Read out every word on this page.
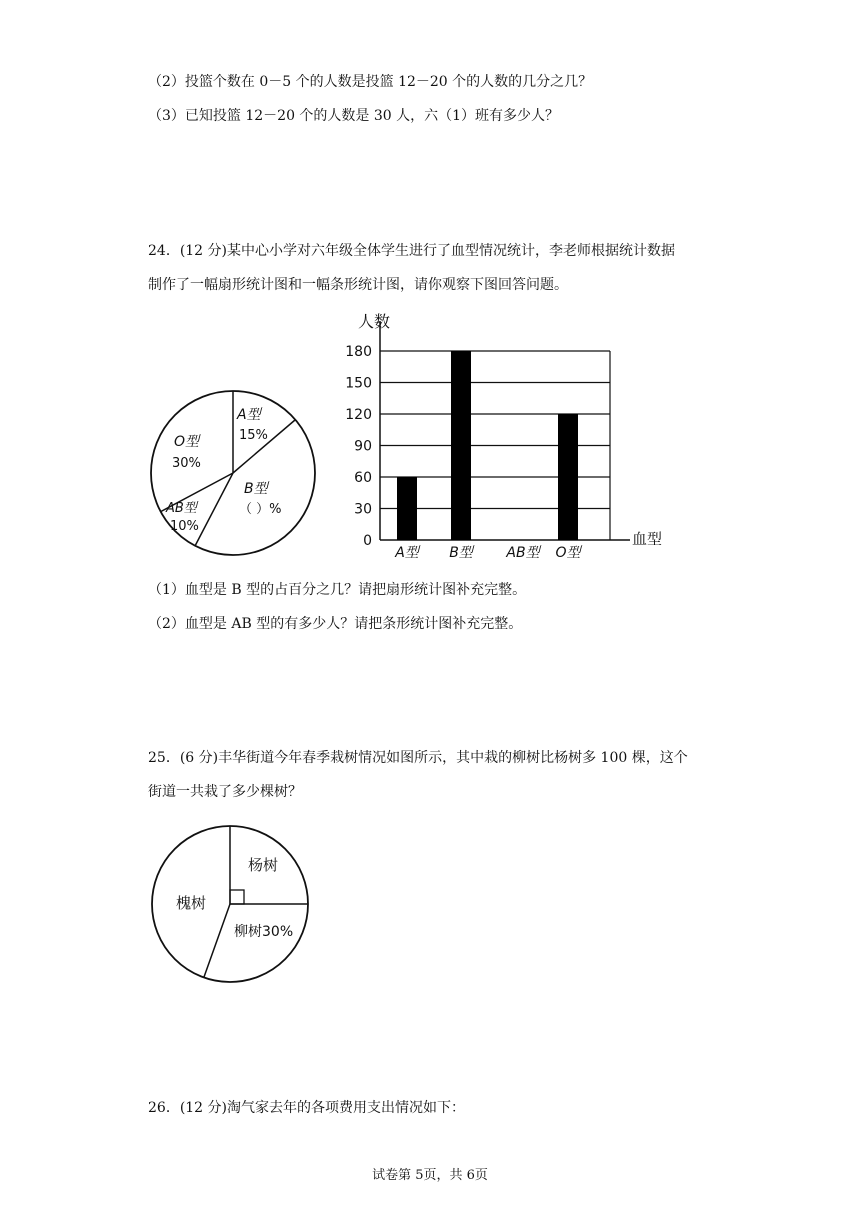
（2）投篮个数在 0－5 个的人数是投篮 12－20 个的人数的几分之几？
（3）已知投篮 12－20 个的人数是 30 人，六（1）班有多少人？
24．(12 分)某中心小学对六年级全体学生进行了血型情况统计，李老师根据统计数据
制作了一幅扇形统计图和一幅条形统计图，请你观察下图回答问题。
A型
15%
O型
30%
AB型
10%
B型
（ ）%
0
30
60
90
120
150
180
A型 B型 AB型 O型
人数
血型
（1）血型是 B 型的占百分之几？请把扇形统计图补充完整。
（2）血型是 AB 型的有多少人？请把条形统计图补充完整。
25．(6 分)丰华街道今年春季栽树情况如图所示，其中栽的柳树比杨树多 100 棵，这个
街道一共栽了多少棵树？
杨树
槐树
柳树30%
26．(12 分)淘气家去年的各项费用支出情况如下：
试卷第 5页，共 6页
